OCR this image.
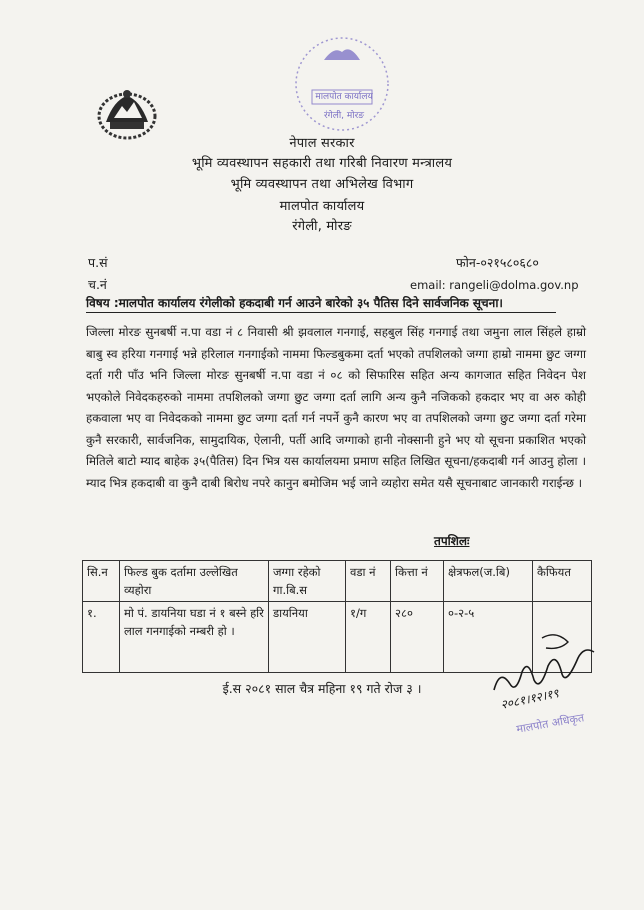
मालपोत कार्यालय
रंगेली, मोरङ
नेपाल सरकार
भूमि व्यवस्थापन सहकारी तथा गरिबी निवारण मन्त्रालय
भूमि व्यवस्थापन तथा अभिलेख विभाग
मालपोत कार्यालय
रंगेली, मोरङ
प.सं	फोन-०२१५८०६८०
च.नं	email: rangeli@dolma.gov.np
विषय :मालपोत कार्यालय रंगेलीको हकदाबी गर्न आउने बारेको ३५ पैतिस दिने सार्वजनिक सूचना।
जिल्ला मोरङ सुनबर्षी न.पा वडा नं ८ निवासी श्री झवलाल गनगाई, सहबुल सिंह गनगाई तथा जमुना लाल सिंहले हाम्रो बाबु स्व हरिया गनगाई भन्ने हरिलाल गनगाईको नाममा फिल्डबुकमा दर्ता भएको तपशिलको जग्गा हाम्रो नाममा छुट जग्गा दर्ता गरी पाँउ भनि जिल्ला मोरङ सुनबर्षी न.पा वडा नं ०८ को सिफारिस सहित अन्य कागजात सहित निवेदन पेश भएकोले निवेदकहरुको नाममा तपशिलको जग्गा छुट जग्गा दर्ता लागि अन्य कुनै नजिकको हकदार भए वा अरु कोही हकवाला भए वा निवेदकको नाममा छुट जग्गा दर्ता गर्न नपर्ने कुनै कारण भए वा तपशिलको जग्गा छुट जग्गा दर्ता गरेमा कुनै सरकारी, सार्वजनिक, सामुदायिक, ऐलानी, पर्ती आदि जग्गाको हानी नोक्सानी हुने भए यो सूचना प्रकाशित भएको मितिले बाटो म्याद बाहेक ३५(पैतिस) दिन भित्र यस कार्यालयमा प्रमाण सहित लिखित सूचना/हकदाबी गर्न आउनु होला । म्याद भित्र हकदाबी वा कुनै दाबी बिरोध नपरे कानुन बमोजिम भई जाने व्यहोरा समेत यसै सूचनाबाट जानकारी गराईन्छ ।
तपशिलः
सि.न	फिल्ड बुक दर्तामा उल्लेखित व्यहोरा	जग्गा रहेको गा.बि.स	वडा नं	कित्ता नं	क्षेत्रफल(ज.बि)	कैफियत
१.	मो पं. डायनिया घडा नं १ बस्ने हरि लाल गनगाईको नम्बरी हो ।	डायनिया	१/ग	२८०	०-२-५	
ई.स २०८१ साल चैत्र महिना १९ गते रोज ३ ।	२०८१।१२।१९
मालपोत अधिकृत
